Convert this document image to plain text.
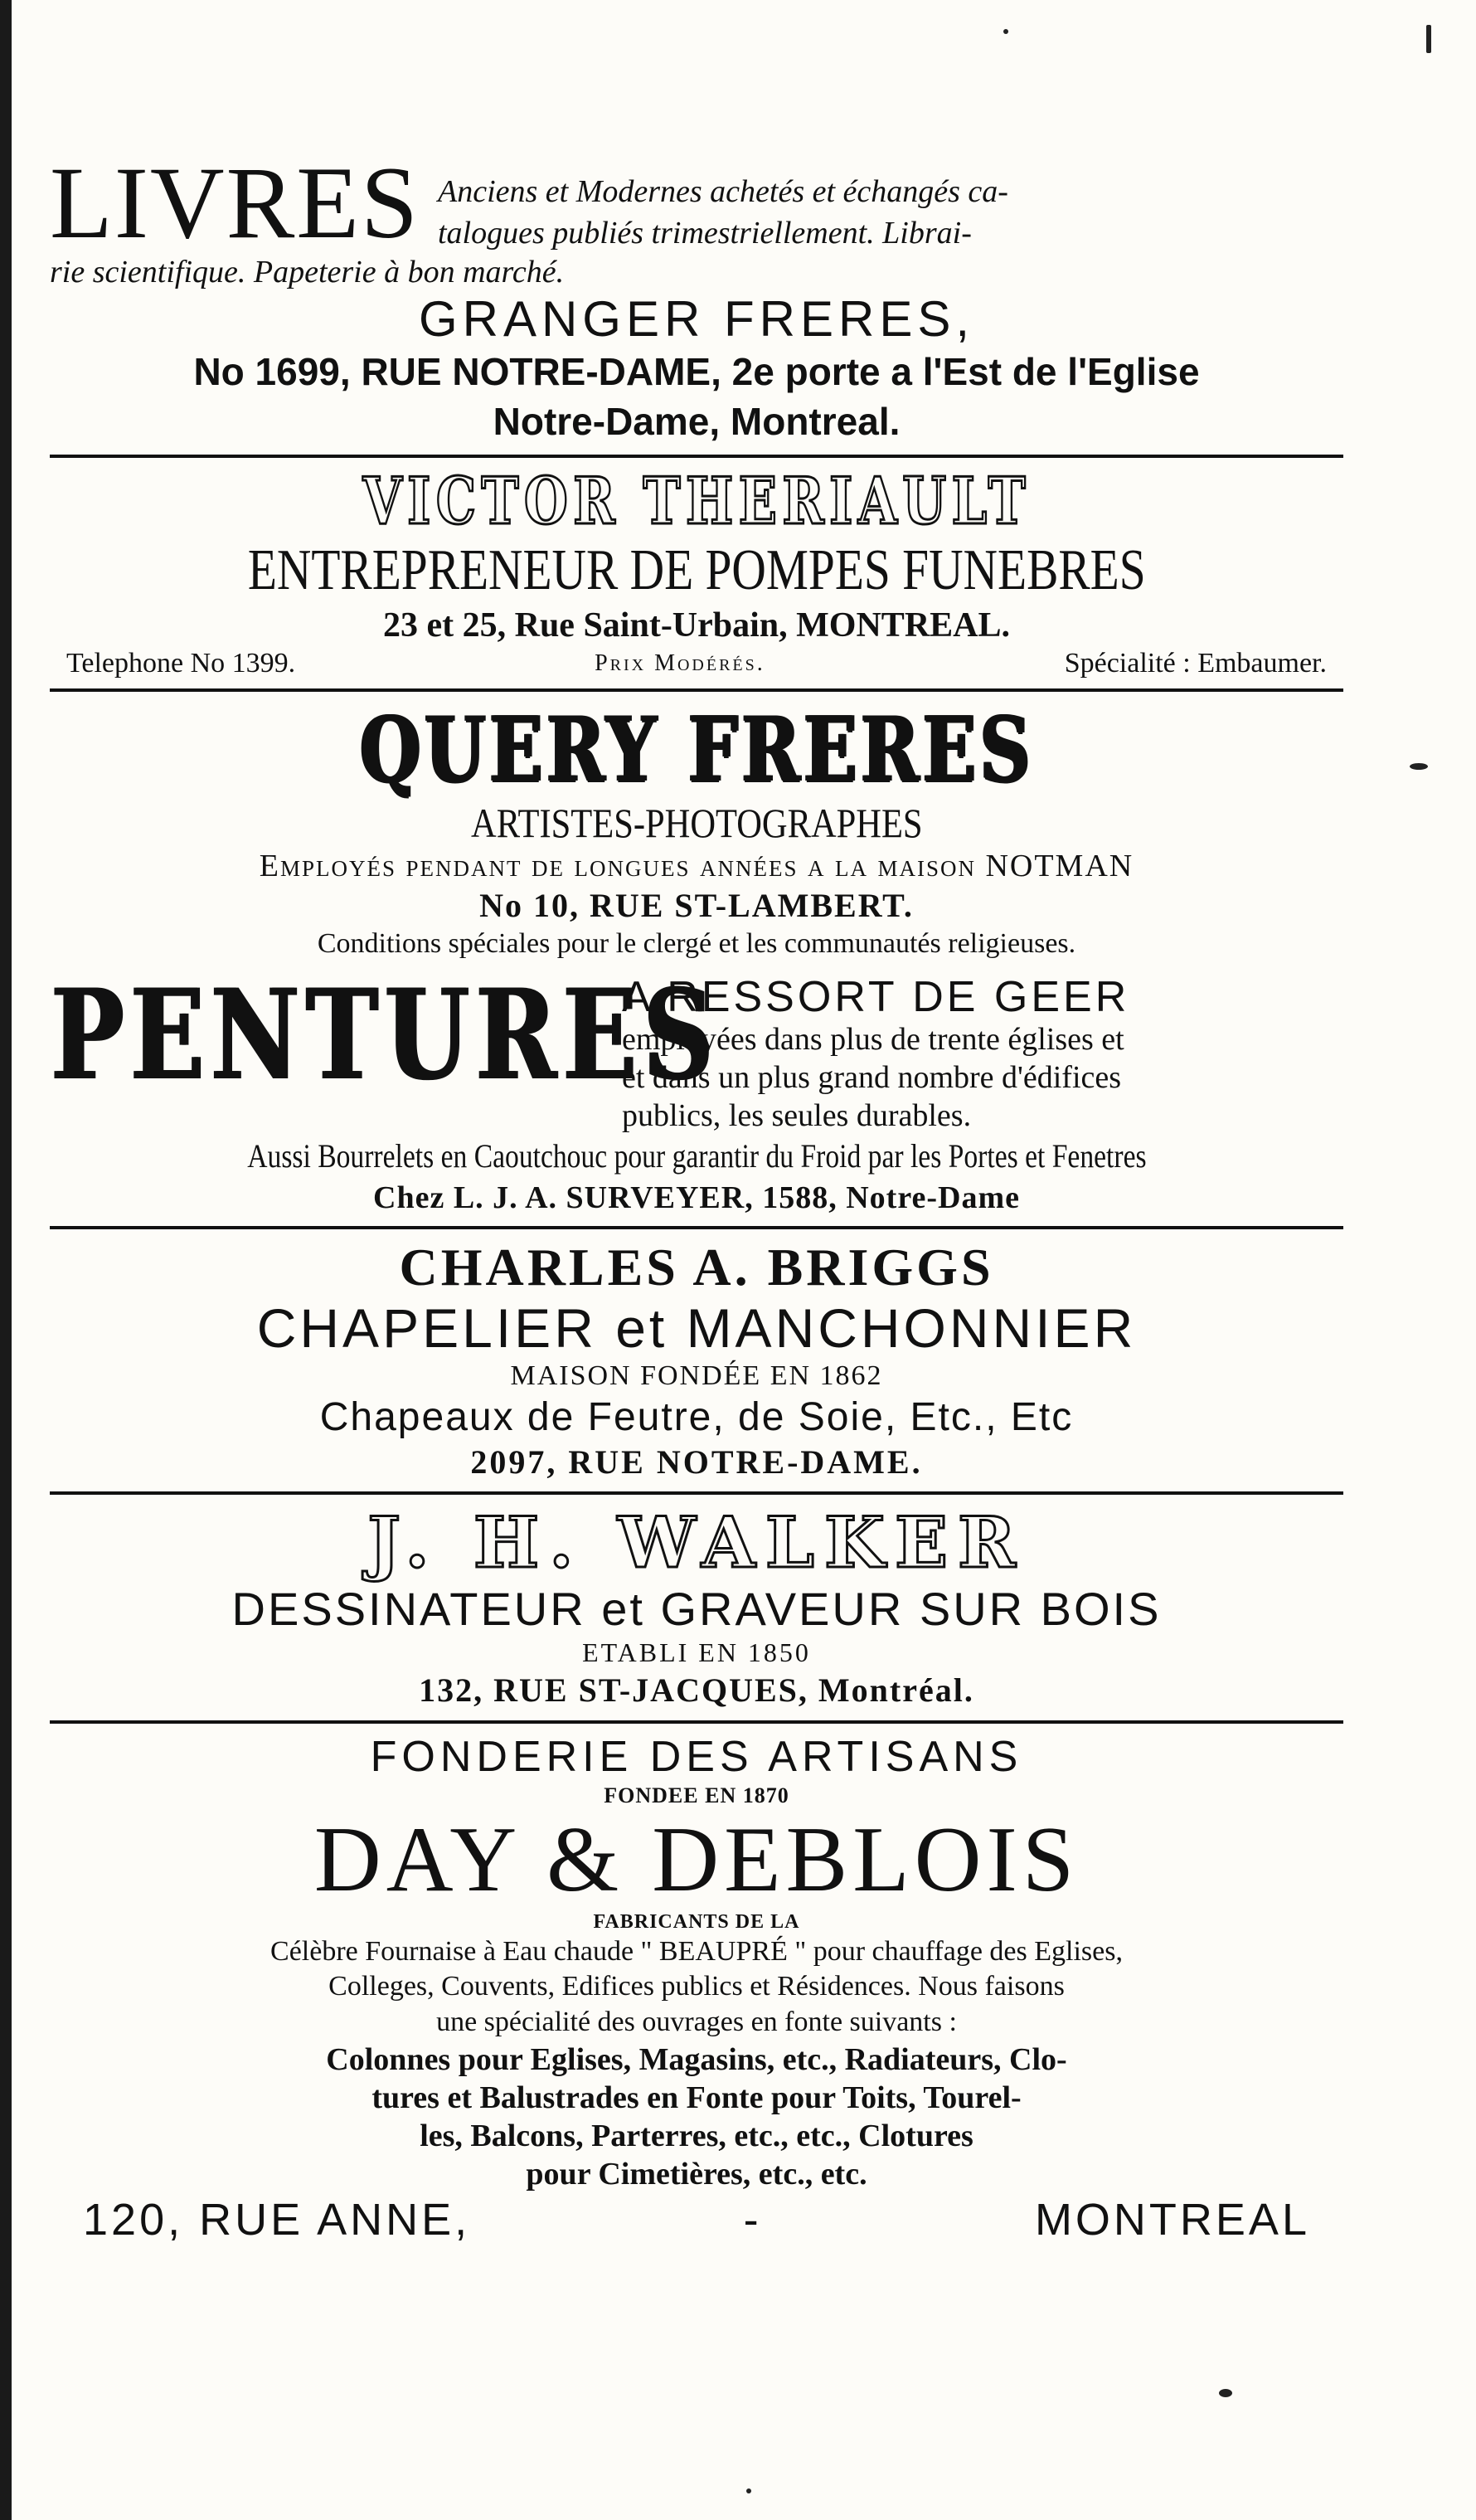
LIVRES Anciens et Modernes achetés et échangés ca-
talogues publiés trimestriellement. Librai-
rie scientifique. Papeterie à bon marché.
GRANGER FRERES,
No 1699, RUE NOTRE-DAME, 2e porte a l'Est de l'Eglise
Notre-Dame, Montreal.
VICTOR THERIAULT
ENTREPRENEUR DE POMPES FUNEBRES
23 et 25, Rue Saint-Urbain, MONTREAL.
Telephone No 1399.	Prix Modérés.	Spécialité : Embaumer.
QUERY FRERES
ARTISTES-PHOTOGRAPHES
Employés pendant de longues années a la maison NOTMAN
No 10, RUE ST-LAMBERT.
Conditions spéciales pour le clergé et les communautés religieuses.
PENTURES
A RESSORT DE GEER
employées dans plus de trente églises et
et dans un plus grand nombre d'édifices
publics, les seules durables.
Aussi Bourrelets en Caoutchouc pour garantir du Froid par les Portes et Fenetres
Chez L. J. A. SURVEYER, 1588, Notre-Dame
CHARLES A. BRIGGS
CHAPELIER et MANCHONNIER
MAISON FONDÉE EN 1862
Chapeaux de Feutre, de Soie, Etc., Etc
2097, RUE NOTRE-DAME.
J. H. WALKER
DESSINATEUR et GRAVEUR SUR BOIS
ETABLI EN 1850
132, RUE ST-JACQUES, Montréal.
FONDERIE DES ARTISANS
FONDEE EN 1870
DAY & DEBLOIS
FABRICANTS DE LA
Célèbre Fournaise à Eau chaude " BEAUPRÉ " pour chauffage des Eglises,
Colleges, Couvents, Edifices publics et Résidences. Nous faisons
une spécialité des ouvrages en fonte suivants :
Colonnes pour Eglises, Magasins, etc., Radiateurs, Clo-
tures et Balustrades en Fonte pour Toits, Tourel-
les, Balcons, Parterres, etc., etc., Clotures
pour Cimetières, etc., etc.
120, RUE ANNE,	-	MONTREAL
